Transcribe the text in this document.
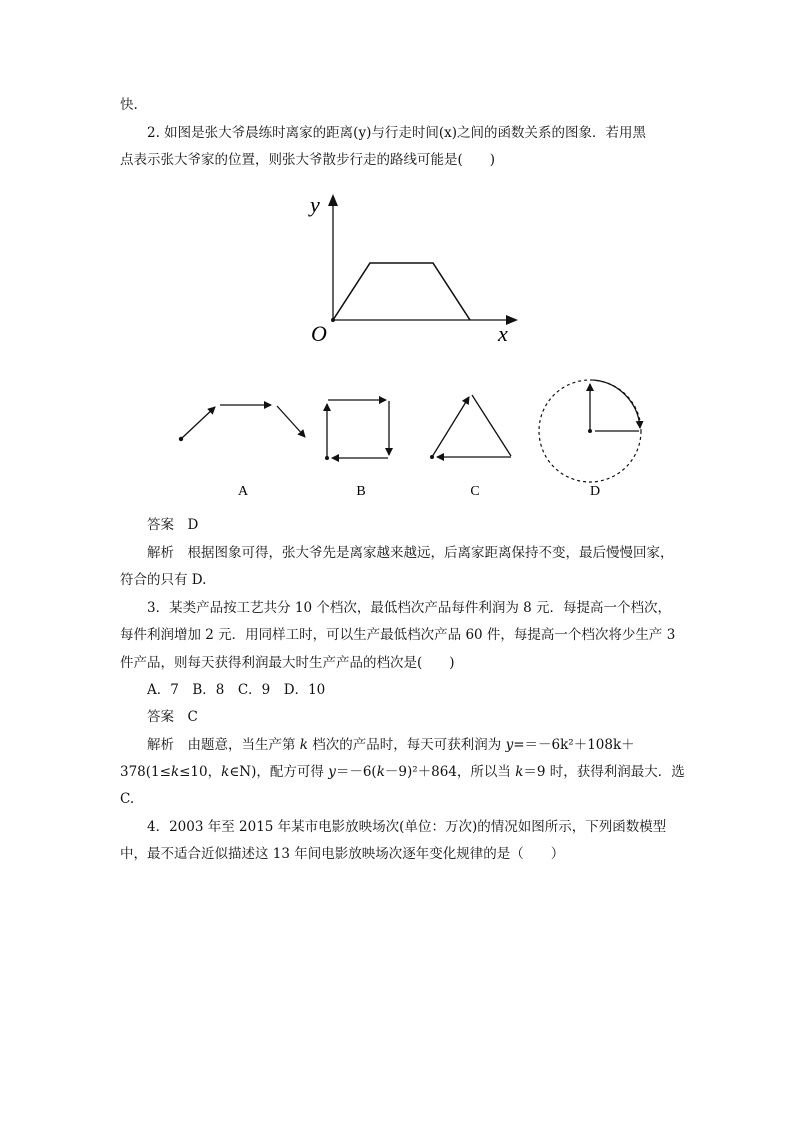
快.
2. 如图是张大爷晨练时离家的距离(y)与行走时间(x)之间的函数关系的图象．若用黑
点表示张大爷家的位置，则张大爷散步行走的路线可能是(　　)
y
x
O
A	B	C	D
答案　D
解析　根据图象可得，张大爷先是离家越来越远，后离家距离保持不变，最后慢慢回家，
符合的只有 D.
3．某类产品按工艺共分 10 个档次，最低档次产品每件利润为 8 元．每提高一个档次，
每件利润增加 2 元．用同样工时，可以生产最低档次产品 60 件，每提高一个档次将少生产 3
件产品，则每天获得利润最大时生产产品的档次是(　　)
A．7　B．8　C．9　D．10
答案　C
解析　由题意，当生产第 k 档次的产品时，每天可获利润为 y=＝－6k²＋108k＋
378(1≤k≤10，k∈N)，配方可得 y＝－6(k－9)²＋864，所以当 k＝9 时，获得利润最大．选
C.
4．2003 年至 2015 年某市电影放映场次(单位：万次)的情况如图所示，下列函数模型
中，最不适合近似描述这 13 年间电影放映场次逐年变化规律的是（　　）
